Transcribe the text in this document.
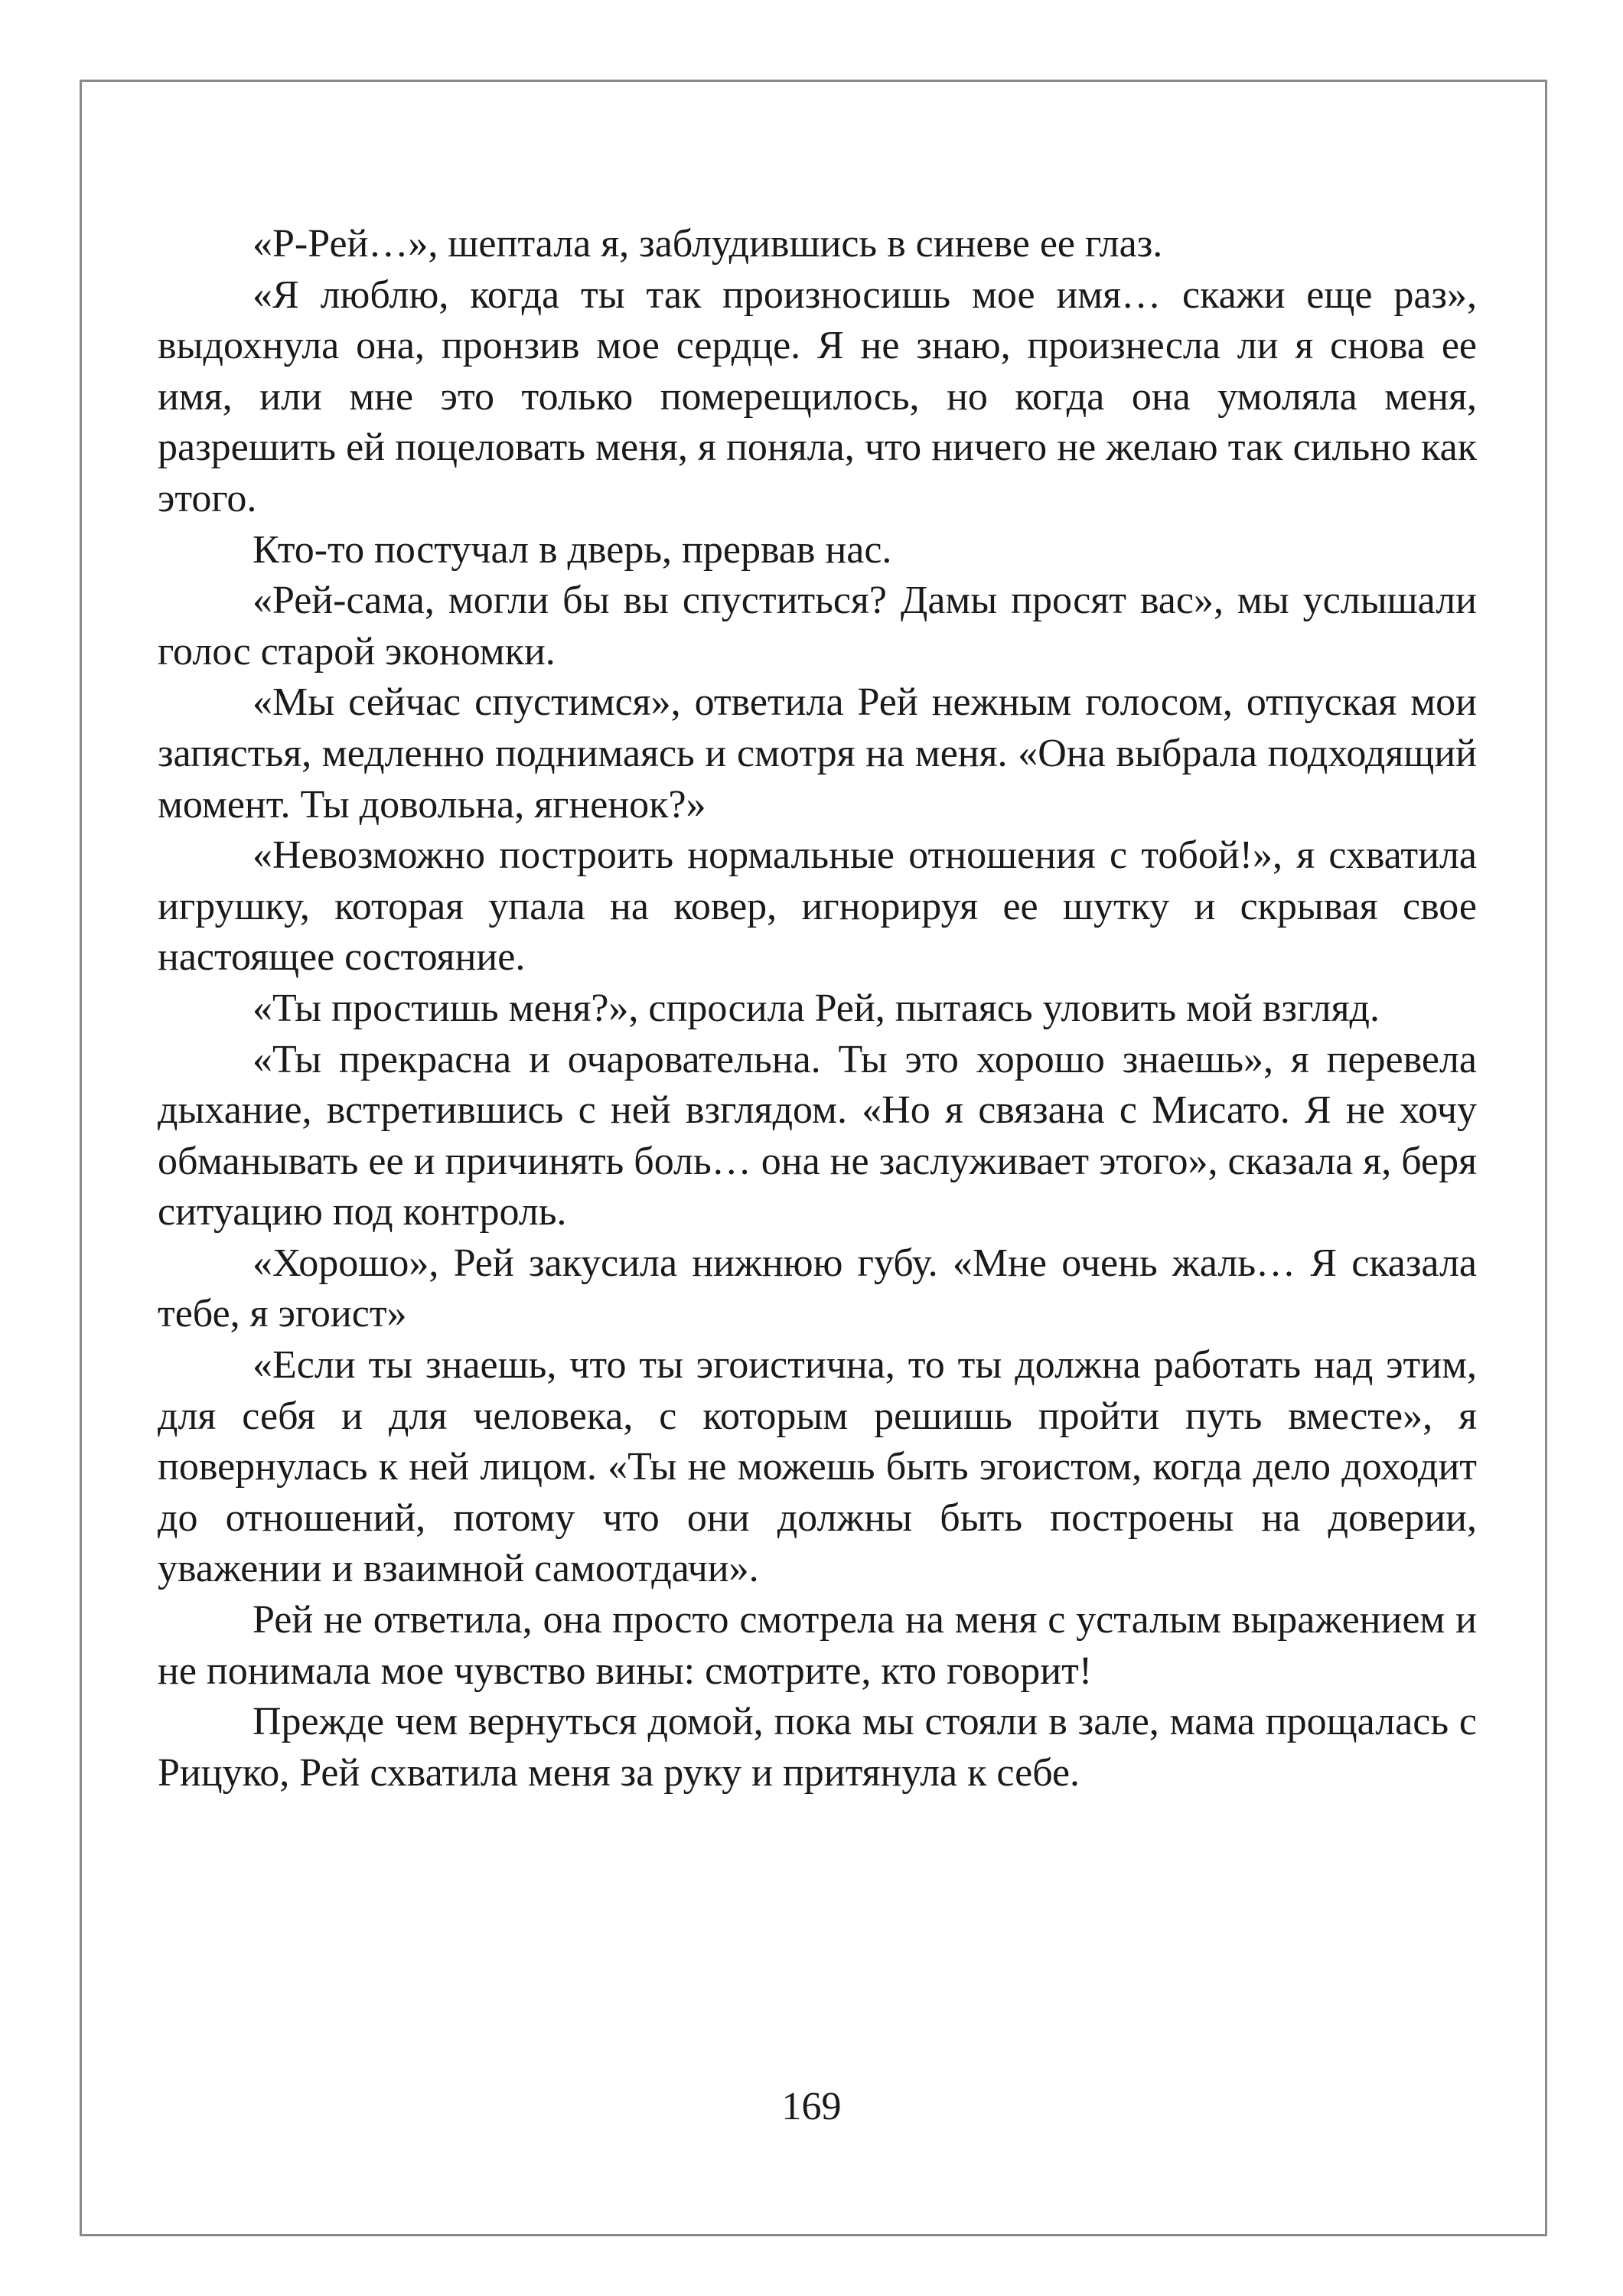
«Р-Рей…», шептала я, заблудившись в синеве ее глаз.

«Я люблю, когда ты так произносишь мое имя… скажи еще раз», выдохнула она, пронзив мое сердце. Я не знаю, произнесла ли я снова ее имя, или мне это только померещилось, но когда она умоляла меня, разрешить ей поцеловать меня, я поняла, что ничего не желаю так сильно как этого.

Кто-то постучал в дверь, прервав нас.

«Рей-сама, могли бы вы спуститься? Дамы просят вас», мы услышали голос старой экономки.

«Мы сейчас спустимся», ответила Рей нежным голосом, отпуская мои запястья, медленно поднимаясь и смотря на меня. «Она выбрала подходящий момент. Ты довольна, ягненок?»

«Невозможно построить нормальные отношения с тобой!», я схватила игрушку, которая упала на ковер, игнорируя ее шутку и скрывая свое настоящее состояние.

«Ты простишь меня?», спросила Рей, пытаясь уловить мой взгляд.

«Ты прекрасна и очаровательна. Ты это хорошо знаешь», я перевела дыхание, встретившись с ней взглядом. «Но я связана с Мисато. Я не хочу обманывать ее и причинять боль… она не заслуживает этого», сказала я, беря ситуацию под контроль.

«Хорошо», Рей закусила нижнюю губу. «Мне очень жаль… Я сказала тебе, я эгоист»

«Если ты знаешь, что ты эгоистична, то ты должна работать над этим, для себя и для человека, с которым решишь пройти путь вместе», я повернулась к ней лицом. «Ты не можешь быть эгоистом, когда дело доходит до отношений, потому что они должны быть построены на доверии, уважении и взаимной самоотдачи».

Рей не ответила, она просто смотрела на меня с усталым выражением и не понимала мое чувство вины: смотрите, кто говорит!

Прежде чем вернуться домой, пока мы стояли в зале, мама прощалась с Рицуко, Рей схватила меня за руку и притянула к себе.

169
